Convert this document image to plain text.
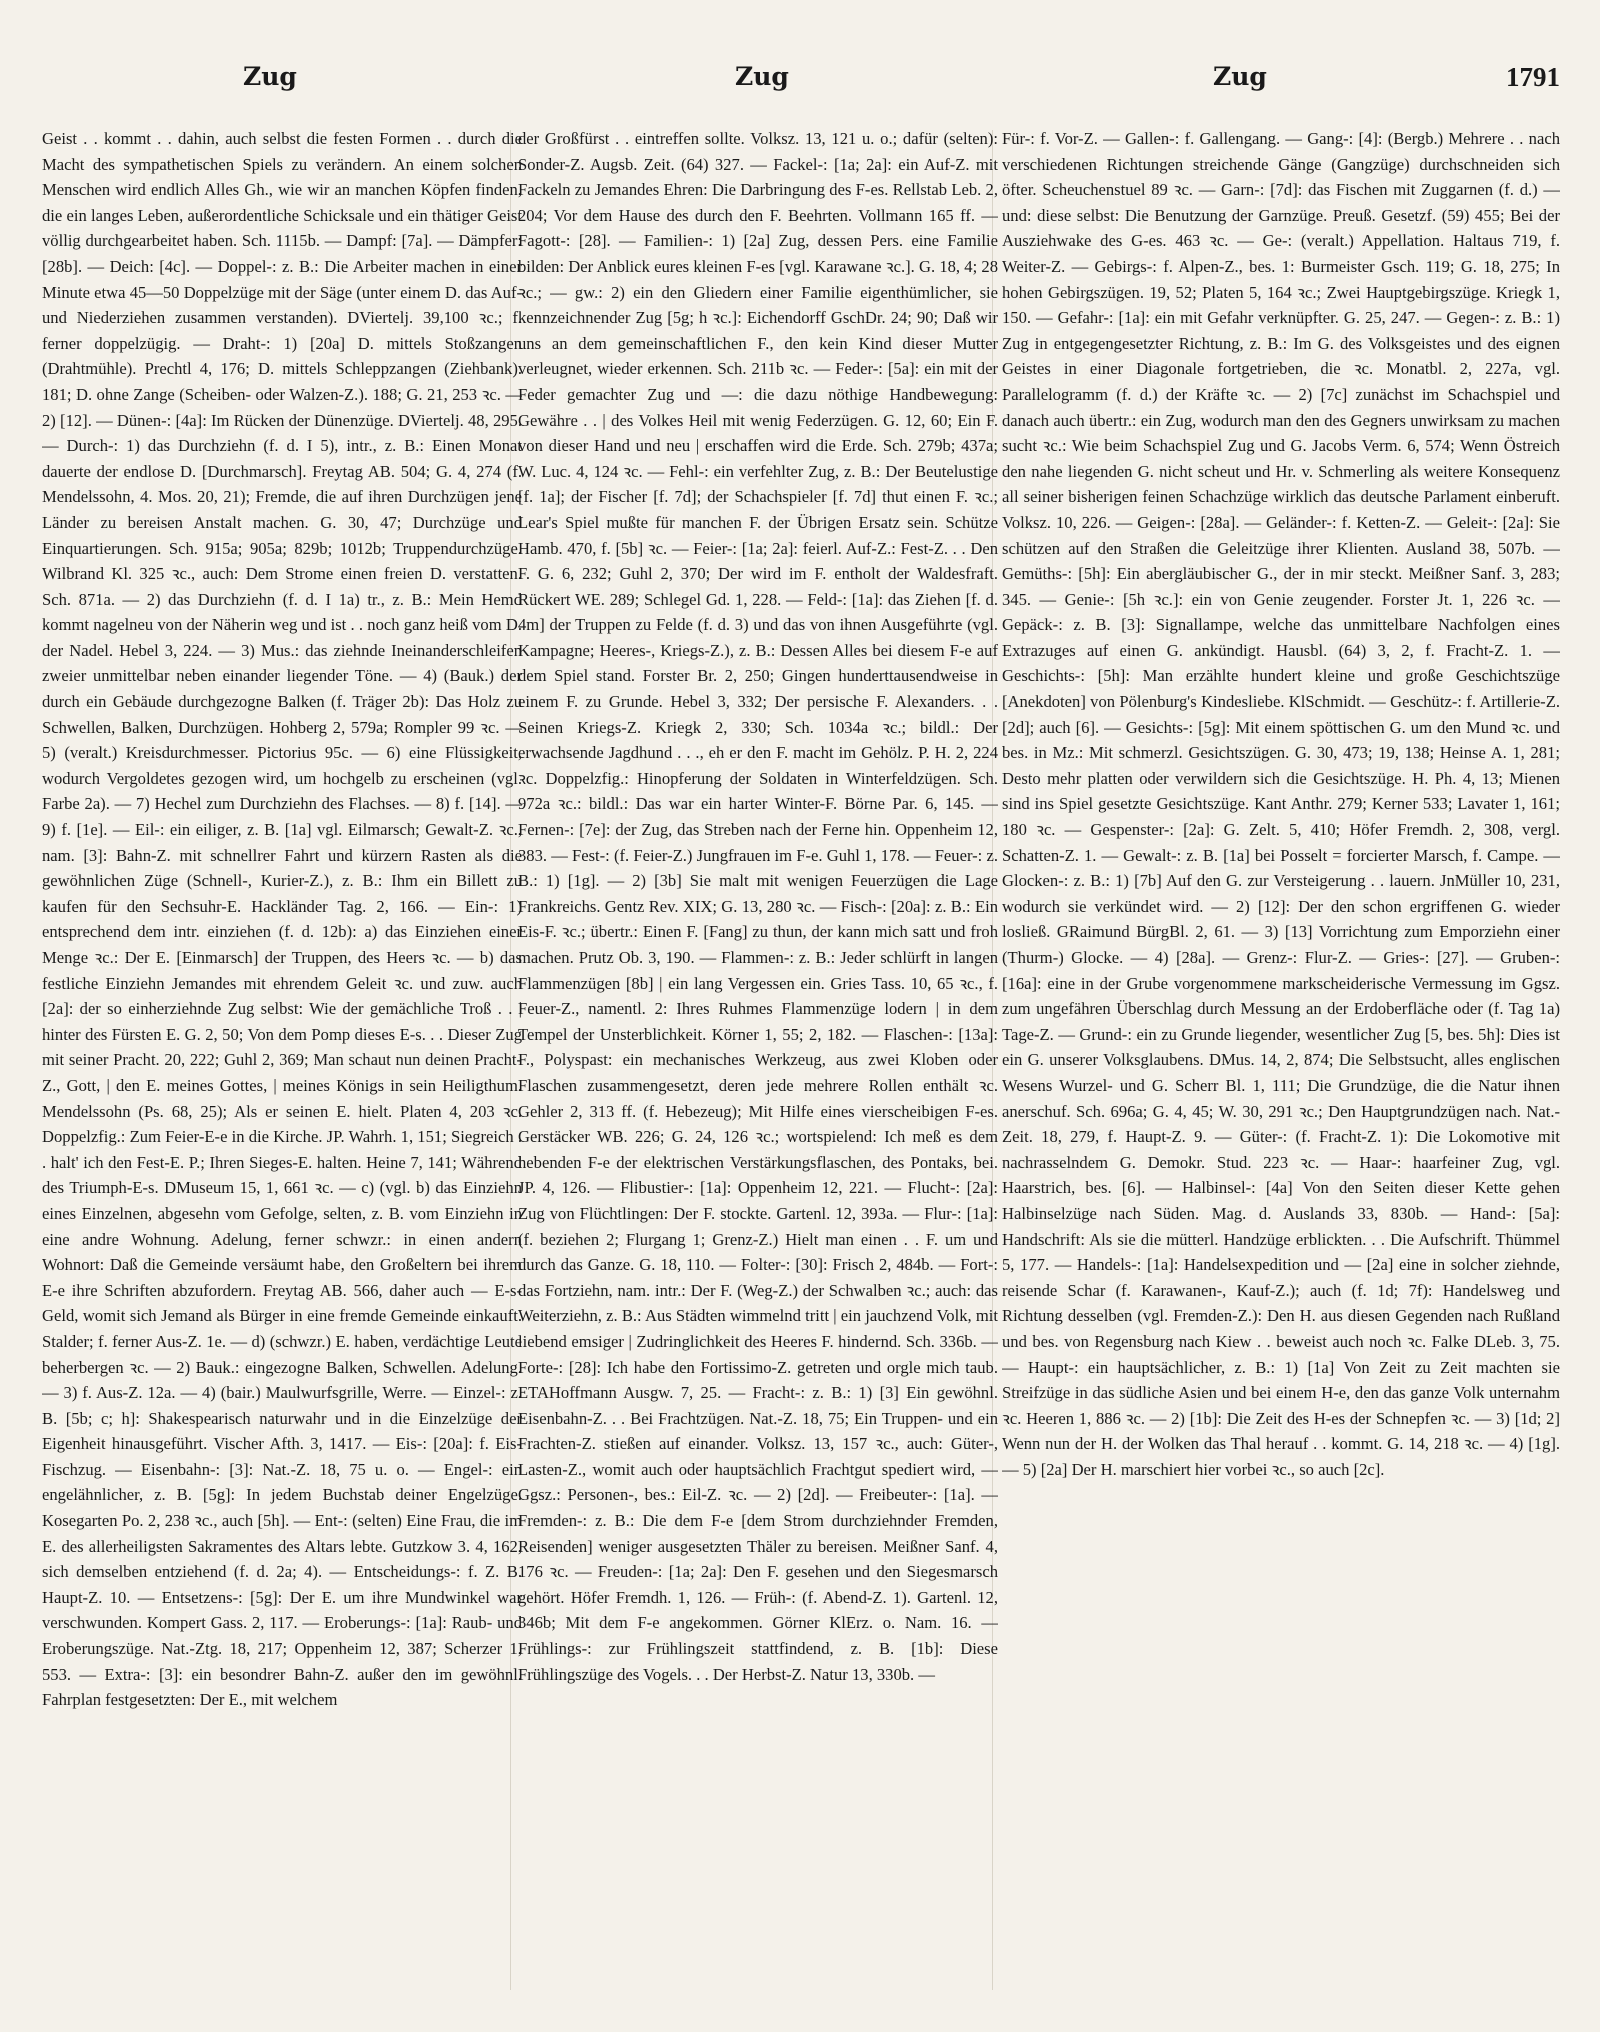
Zug	Zug	Zug	1791

Geist . . kommt . . dahin, auch selbst die festen Formen . . durch die Macht des sympathetischen Spiels zu verändern. An einem solchen Menschen wird endlich Alles Gh., wie wir an manchen Köpfen finden, die ein langes Leben, außerordentliche Schicksale und ein thätiger Geist völlig durchgearbeitet haben. Sch. 1115b. — Dampf: [7a]. — Dämpfer: [28b]. — Deich: [4c]. — Doppel-: z. B.: Die Arbeiter machen in einer Minute etwa 45—50 Doppelzüge mit der Säge (unter einem D. das Auf- und Niederziehen zusammen verstanden). DViertelj. 39,100 ꝛc.; f. ferner doppelzügig. — Draht-: 1) [20a] D. mittels Stoßzangen (Drahtmühle). Prechtl 4, 176; D. mittels Schleppzangen (Ziehbank). 181; D. ohne Zange (Scheiben- oder Walzen-Z.). 188; G. 21, 253 ꝛc. — 2) [12]. — Dünen-: [4a]: Im Rücken der Dünenzüge. DViertelj. 48, 295. — Durch-: 1) das Durchziehn (f. d. I 5), intr., z. B.: Einen Monat dauerte der endlose D. [Durchmarsch]. Freytag AB. 504; G. 4, 274 (f. Mendelssohn, 4. Mos. 20, 21); Fremde, die auf ihren Durchzügen jene Länder zu bereisen Anstalt machen. G. 30, 47; Durchzüge und Einquartierungen. Sch. 915a; 905a; 829b; 1012b; Truppendurchzüge. Wilbrand Kl. 325 ꝛc., auch: Dem Strome einen freien D. verstatten. Sch. 871a. — 2) das Durchziehn (f. d. I 1a) tr., z. B.: Mein Hemd kommt nagelneu von der Näherin weg und ist . . noch ganz heiß vom D. der Nadel. Hebel 3, 224. — 3) Mus.: das ziehnde Ineinanderschleifen zweier unmittelbar neben einander liegender Töne. — 4) (Bauk.) der durch ein Gebäude durchgezogne Balken (f. Träger 2b): Das Holz zu Schwellen, Balken, Durchzügen. Hohberg 2, 579a; Rompler 99 ꝛc. — 5) (veralt.) Kreisdurchmesser. Pictorius 95c. — 6) eine Flüssigkeit, wodurch Vergoldetes gezogen wird, um hochgelb zu erscheinen (vgl. Farbe 2a). — 7) Hechel zum Durchziehn des Flachses. — 8) f. [14]. — 9) f. [1e]. — Eil-: ein eiliger, z. B. [1a] vgl. Eilmarsch; Gewalt-Z. ꝛc., nam. [3]: Bahn-Z. mit schnellrer Fahrt und kürzern Rasten als die gewöhnlichen Züge (Schnell-, Kurier-Z.), z. B.: Ihm ein Billett zu kaufen für den Sechsuhr-E. Hackländer Tag. 2, 166. — Ein-: 1) entsprechend dem intr. einziehen (f. d. 12b): a) das Einziehen einer Menge ꝛc.: Der E. [Einmarsch] der Truppen, des Heers ꝛc. — b) das festliche Einziehn Jemandes mit ehrendem Geleit ꝛc. und zuw. auch [2a]: der so einherziehnde Zug selbst: Wie der gemächliche Troß . . | hinter des Fürsten E. G. 2, 50; Von dem Pomp dieses E-s. . . Dieser Zug mit seiner Pracht. 20, 222; Guhl 2, 369; Man schaut nun deinen Pracht-Z., Gott, | den E. meines Gottes, | meines Königs in sein Heiligthum. Mendelssohn (Ps. 68, 25); Als er seinen E. hielt. Platen 4, 203 ꝛc. Doppelzfig.: Zum Feier-E-e in die Kirche. JP. Wahrh. 1, 151; Siegreich . . halt' ich den Fest-E. P.; Ihren Sieges-E. halten. Heine 7, 141; Während des Triumph-E-s. DMuseum 15, 1, 661 ꝛc. — c) (vgl. b) das Einziehn eines Einzelnen, abgesehn vom Gefolge, selten, z. B. vom Einziehn in eine andre Wohnung. Adelung, ferner schwzr.: in einen andern Wohnort: Daß die Gemeinde versäumt habe, den Großeltern bei ihrem E-e ihre Schriften abzufordern. Freytag AB. 566, daher auch — E-s-Geld, womit sich Jemand als Bürger in eine fremde Gemeinde einkauft. Stalder; f. ferner Aus-Z. 1e. — d) (schwzr.) E. haben, verdächtige Leute beherbergen ꝛc. — 2) Bauk.: eingezogne Balken, Schwellen. Adelung. — 3) f. Aus-Z. 12a. — 4) (bair.) Maulwurfsgrille, Werre. — Einzel-: z. B. [5b; c; h]: Shakespearisch naturwahr und in die Einzelzüge der Eigenheit hinausgeführt. Vischer Afth. 3, 1417. — Eis-: [20a]: f. Eis-Fischzug. — Eisenbahn-: [3]: Nat.-Z. 18, 75 u. o. — Engel-: ein engelähnlicher, z. B. [5g]: In jedem Buchstab deiner Engelzüge. Kosegarten Po. 2, 238 ꝛc., auch [5h]. — Ent-: (selten) Eine Frau, die im E. des allerheiligsten Sakramentes des Altars lebte. Gutzkow 3. 4, 162, sich demselben entziehend (f. d. 2a; 4). — Entscheidungs-: f. Z. B. Haupt-Z. 10. — Entsetzens-: [5g]: Der E. um ihre Mundwinkel war verschwunden. Kompert Gass. 2, 117. — Eroberungs-: [1a]: Raub- und Eroberungszüge. Nat.-Ztg. 18, 217; Oppenheim 12, 387; Scherzer 1, 553. — Extra-: [3]: ein besondrer Bahn-Z. außer den im gewöhnl. Fahrplan festgesetzten: Der E., mit welchem

der Großfürst . . eintreffen sollte. Volksz. 13, 121 u. o.; dafür (selten): Sonder-Z. Augsb. Zeit. (64) 327. — Fackel-: [1a; 2a]: ein Auf-Z. mit Fackeln zu Jemandes Ehren: Die Darbringung des F-es. Rellstab Leb. 2, 204; Vor dem Hause des durch den F. Beehrten. Vollmann 165 ff. — Fagott-: [28]. — Familien-: 1) [2a] Zug, dessen Pers. eine Familie bilden: Der Anblick eures kleinen F-es [vgl. Karawane ꝛc.]. G. 18, 4; 28 ꝛc.; — gw.: 2) ein den Gliedern einer Familie eigenthümlicher, sie kennzeichnender Zug [5g; h ꝛc.]: Eichendorff GschDr. 24; 90; Daß wir uns an dem gemeinschaftlichen F., den kein Kind dieser Mutter verleugnet, wieder erkennen. Sch. 211b ꝛc. — Feder-: [5a]: ein mit der Feder gemachter Zug und —: die dazu nöthige Handbewegung: Gewähre . . | des Volkes Heil mit wenig Federzügen. G. 12, 60; Ein F. von dieser Hand und neu | erschaffen wird die Erde. Sch. 279b; 437a; W. Luc. 4, 124 ꝛc. — Fehl-: ein verfehlter Zug, z. B.: Der Beutelustige [f. 1a]; der Fischer [f. 7d]; der Schachspieler [f. 7d] thut einen F. ꝛc.; Lear's Spiel mußte für manchen F. der Übrigen Ersatz sein. Schütze Hamb. 470, f. [5b] ꝛc. — Feier-: [1a; 2a]: feierl. Auf-Z.: Fest-Z. . . Den F. G. 6, 232; Guhl 2, 370; Der wird im F. entholt der Waldesfraft. Rückert WE. 289; Schlegel Gd. 1, 228. — Feld-: [1a]: das Ziehen [f. d. 4m] der Truppen zu Felde (f. d. 3) und das von ihnen Ausgeführte (vgl. Kampagne; Heeres-, Kriegs-Z.), z. B.: Dessen Alles bei diesem F-e auf dem Spiel stand. Forster Br. 2, 250; Gingen hunderttausendweise in einem F. zu Grunde. Hebel 3, 332; Der persische F. Alexanders. . . Seinen Kriegs-Z. Kriegk 2, 330; Sch. 1034a ꝛc.; bildl.: Der erwachsende Jagdhund . . ., eh er den F. macht im Gehölz. P. H. 2, 224 ꝛc. Doppelzfig.: Hinopferung der Soldaten in Winterfeldzügen. Sch. 972a ꝛc.: bildl.: Das war ein harter Winter-F. Börne Par. 6, 145. — Fernen-: [7e]: der Zug, das Streben nach der Ferne hin. Oppenheim 12, 383. — Fest-: (f. Feier-Z.) Jungfrauen im F-e. Guhl 1, 178. — Feuer-: z. B.: 1) [1g]. — 2) [3b] Sie malt mit wenigen Feuerzügen die Lage Frankreichs. Gentz Rev. XIX; G. 13, 280 ꝛc. — Fisch-: [20a]: z. B.: Ein Eis-F. ꝛc.; übertr.: Einen F. [Fang] zu thun, der kann mich satt und froh machen. Prutz Ob. 3, 190. — Flammen-: z. B.: Jeder schlürft in langen Flammenzügen [8b] | ein lang Vergessen ein. Gries Tass. 10, 65 ꝛc., f. Feuer-Z., namentl. 2: Ihres Ruhmes Flammenzüge lodern | in dem Tempel der Unsterblichkeit. Körner 1, 55; 2, 182. — Flaschen-: [13a]: F., Polyspast: ein mechanisches Werkzeug, aus zwei Kloben oder Flaschen zusammengesetzt, deren jede mehrere Rollen enthält ꝛc. Gehler 2, 313 ff. (f. Hebezeug); Mit Hilfe eines vierscheibigen F-es. Gerstäcker WB. 226; G. 24, 126 ꝛc.; wortspielend: Ich meß es dem hebenden F-e der elektrischen Verstärkungsflaschen, des Pontaks, bei. JP. 4, 126. — Flibustier-: [1a]: Oppenheim 12, 221. — Flucht-: [2a]: Zug von Flüchtlingen: Der F. stockte. Gartenl. 12, 393a. — Flur-: [1a]: (f. beziehen 2; Flurgang 1; Grenz-Z.) Hielt man einen . . F. um und durch das Ganze. G. 18, 110. — Folter-: [30]: Frisch 2, 484b. — Fort-: das Fortziehn, nam. intr.: Der F. (Weg-Z.) der Schwalben ꝛc.; auch: das Weiterziehn, z. B.: Aus Städten wimmelnd tritt | ein jauchzend Volk, mit liebend emsiger | Zudringlichkeit des Heeres F. hindernd. Sch. 336b. — Forte-: [28]: Ich habe den Fortissimo-Z. getreten und orgle mich taub. ETAHoffmann Ausgw. 7, 25. — Fracht-: z. B.: 1) [3] Ein gewöhnl. Eisenbahn-Z. . . Bei Frachtzügen. Nat.-Z. 18, 75; Ein Truppen- und ein Frachten-Z. stießen auf einander. Volksz. 13, 157 ꝛc., auch: Güter-, Lasten-Z., womit auch oder hauptsächlich Frachtgut spediert wird, — Ggsz.: Personen-, bes.: Eil-Z. ꝛc. — 2) [2d]. — Freibeuter-: [1a]. — Fremden-: z. B.: Die dem F-e [dem Strom durchziehnder Fremden, Reisenden] weniger ausgesetzten Thäler zu bereisen. Meißner Sanf. 4, 176 ꝛc. — Freuden-: [1a; 2a]: Den F. gesehen und den Siegesmarsch gehört. Höfer Fremdh. 1, 126. — Früh-: (f. Abend-Z. 1). Gartenl. 12, 346b; Mit dem F-e angekommen. Görner KlErz. o. Nam. 16. — Frühlings-: zur Frühlingszeit stattfindend, z. B. [1b]: Diese Frühlingszüge des Vogels. . . Der Herbst-Z. Natur 13, 330b. —

Für-: f. Vor-Z. — Gallen-: f. Gallengang. — Gang-: [4]: (Bergb.) Mehrere . . nach verschiedenen Richtungen streichende Gänge (Gangzüge) durchschneiden sich öfter. Scheuchenstuel 89 ꝛc. — Garn-: [7d]: das Fischen mit Zuggarnen (f. d.) — und: diese selbst: Die Benutzung der Garnzüge. Preuß. Gesetzf. (59) 455; Bei der Ausziehwake des G-es. 463 ꝛc. — Ge-: (veralt.) Appellation. Haltaus 719, f. Weiter-Z. — Gebirgs-: f. Alpen-Z., bes. 1: Burmeister Gsch. 119; G. 18, 275; In hohen Gebirgszügen. 19, 52; Platen 5, 164 ꝛc.; Zwei Hauptgebirgszüge. Kriegk 1, 150. — Gefahr-: [1a]: ein mit Gefahr verknüpfter. G. 25, 247. — Gegen-: z. B.: 1) Zug in entgegengesetzter Richtung, z. B.: Im G. des Volksgeistes und des eignen Geistes in einer Diagonale fortgetrieben, die ꝛc. Monatbl. 2, 227a, vgl. Parallelogramm (f. d.) der Kräfte ꝛc. — 2) [7c] zunächst im Schachspiel und danach auch übertr.: ein Zug, wodurch man den des Gegners unwirksam zu machen sucht ꝛc.: Wie beim Schachspiel Zug und G. Jacobs Verm. 6, 574; Wenn Östreich den nahe liegenden G. nicht scheut und Hr. v. Schmerling als weitere Konsequenz all seiner bisherigen feinen Schachzüge wirklich das deutsche Parlament einberuft. Volksz. 10, 226. — Geigen-: [28a]. — Geländer-: f. Ketten-Z. — Geleit-: [2a]: Sie schützen auf den Straßen die Geleitzüge ihrer Klienten. Ausland 38, 507b. — Gemüths-: [5h]: Ein abergläubischer G., der in mir steckt. Meißner Sanf. 3, 283; 345. — Genie-: [5h ꝛc.]: ein von Genie zeugender. Forster Jt. 1, 226 ꝛc. — Gepäck-: z. B. [3]: Signallampe, welche das unmittelbare Nachfolgen eines Extrazuges auf einen G. ankündigt. Hausbl. (64) 3, 2, f. Fracht-Z. 1. — Geschichts-: [5h]: Man erzählte hundert kleine und große Geschichtszüge [Anekdoten] von Pölenburg's Kindesliebe. KlSchmidt. — Geschütz-: f. Artillerie-Z. [2d]; auch [6]. — Gesichts-: [5g]: Mit einem spöttischen G. um den Mund ꝛc. und bes. in Mz.: Mit schmerzl. Gesichtszügen. G. 30, 473; 19, 138; Heinse A. 1, 281; Desto mehr platten oder verwildern sich die Gesichtszüge. H. Ph. 4, 13; Mienen sind ins Spiel gesetzte Gesichtszüge. Kant Anthr. 279; Kerner 533; Lavater 1, 161; 180 ꝛc. — Gespenster-: [2a]: G. Zelt. 5, 410; Höfer Fremdh. 2, 308, vergl. Schatten-Z. 1. — Gewalt-: z. B. [1a] bei Posselt = forcierter Marsch, f. Campe. — Glocken-: z. B.: 1) [7b] Auf den G. zur Versteigerung . . lauern. JnMüller 10, 231, wodurch sie verkündet wird. — 2) [12]: Der den schon ergriffenen G. wieder losließ. GRaimund BürgBl. 2, 61. — 3) [13] Vorrichtung zum Emporziehn einer (Thurm-) Glocke. — 4) [28a]. — Grenz-: Flur-Z. — Gries-: [27]. — Gruben-: [16a]: eine in der Grube vorgenommene markscheiderische Vermessung im Ggsz. zum ungefähren Überschlag durch Messung an der Erdoberfläche oder (f. Tag 1a) Tage-Z. — Grund-: ein zu Grunde liegender, wesentlicher Zug [5, bes. 5h]: Dies ist ein G. unserer Volksglaubens. DMus. 14, 2, 874; Die Selbstsucht, alles englischen Wesens Wurzel- und G. Scherr Bl. 1, 111; Die Grundzüge, die die Natur ihnen anerschuf. Sch. 696a; G. 4, 45; W. 30, 291 ꝛc.; Den Hauptgrundzügen nach. Nat.-Zeit. 18, 279, f. Haupt-Z. 9. — Güter-: (f. Fracht-Z. 1): Die Lokomotive mit nachrasselndem G. Demokr. Stud. 223 ꝛc. — Haar-: haarfeiner Zug, vgl. Haarstrich, bes. [6]. — Halbinsel-: [4a] Von den Seiten dieser Kette gehen Halbinselzüge nach Süden. Mag. d. Auslands 33, 830b. — Hand-: [5a]: Handschrift: Als sie die mütterl. Handzüge erblickten. . . Die Aufschrift. Thümmel 5, 177. — Handels-: [1a]: Handelsexpedition und — [2a] eine in solcher ziehnde, reisende Schar (f. Karawanen-, Kauf-Z.); auch (f. 1d; 7f): Handelsweg und Richtung desselben (vgl. Fremden-Z.): Den H. aus diesen Gegenden nach Rußland und bes. von Regensburg nach Kiew . . beweist auch noch ꝛc. Falke DLeb. 3, 75. — Haupt-: ein hauptsächlicher, z. B.: 1) [1a] Von Zeit zu Zeit machten sie Streifzüge in das südliche Asien und bei einem H-e, den das ganze Volk unternahm ꝛc. Heeren 1, 886 ꝛc. — 2) [1b]: Die Zeit des H-es der Schnepfen ꝛc. — 3) [1d; 2] Wenn nun der H. der Wolken das Thal herauf . . kommt. G. 14, 218 ꝛc. — 4) [1g]. — 5) [2a] Der H. marschiert hier vorbei ꝛc., so auch [2c].
